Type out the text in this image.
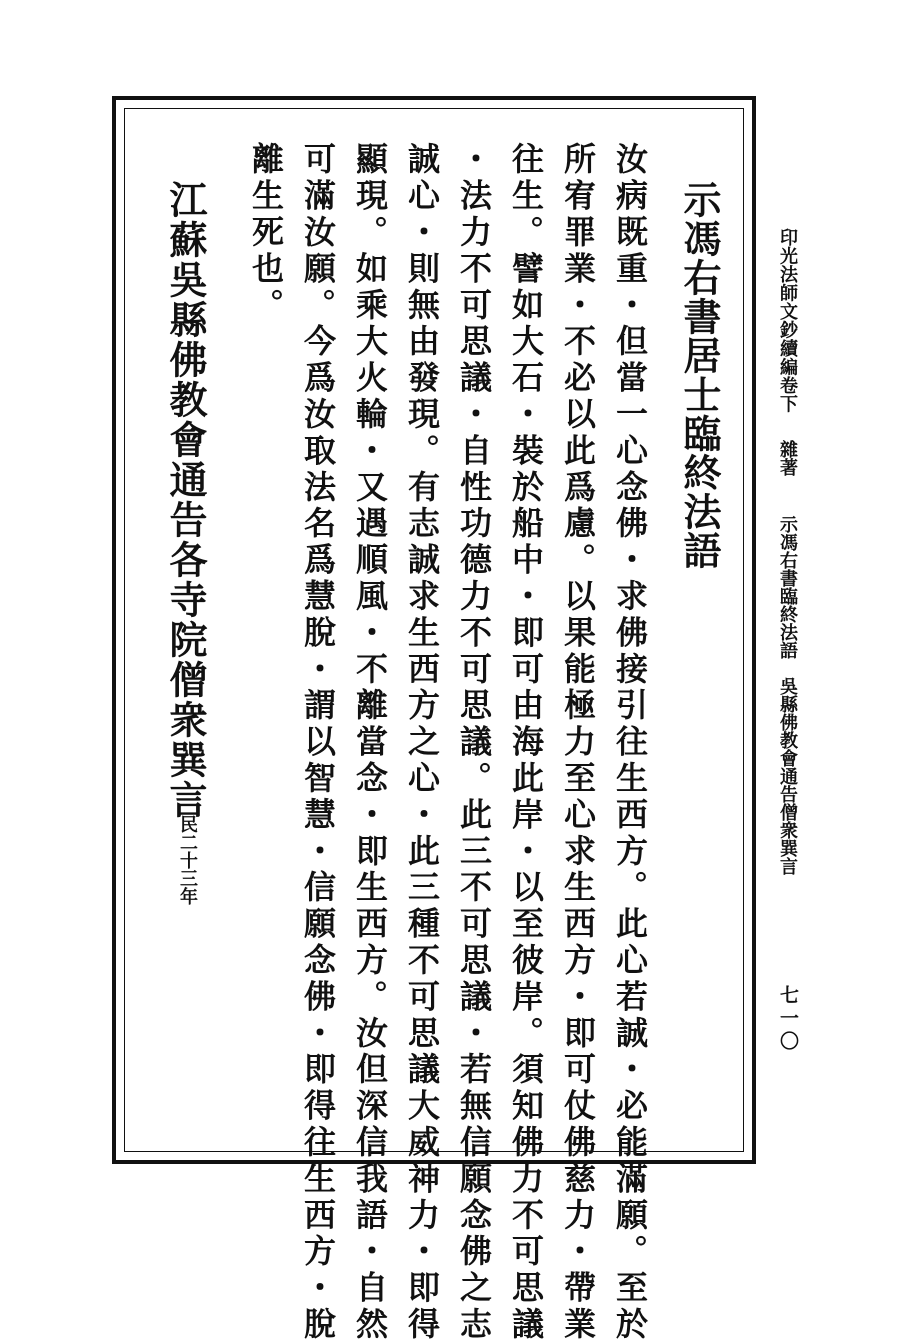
印光法師文鈔續編卷下
雜著
示馮右書臨終法語　吳縣佛教會通告僧衆巽言
七一〇
示馮右書居士臨終法語
汝病既重・但當一心念佛・求佛接引往生西方。此心若誠・必能滿願。至於
所宥罪業・不必以此爲慮。以果能極力至心求生西方・即可仗佛慈力・帶業
往生。譬如大石・裝於船中・即可由海此岸・以至彼岸。須知佛力不可思議
・法力不可思議・自性功德力不可思議。此三不可思議・若無信願念佛之志
誠心・則無由發現。有志誠求生西方之心・此三種不可思議大威神力・即得
顯現。如乘大火輪・又遇順風・不離當念・即生西方。汝但深信我語・自然
可滿汝願。今爲汝取法名爲慧脫・謂以智慧・信願念佛・即得往生西方・脫
離生死也。
江蘇吳縣佛教會通告各寺院僧衆巽言
民二十三年
